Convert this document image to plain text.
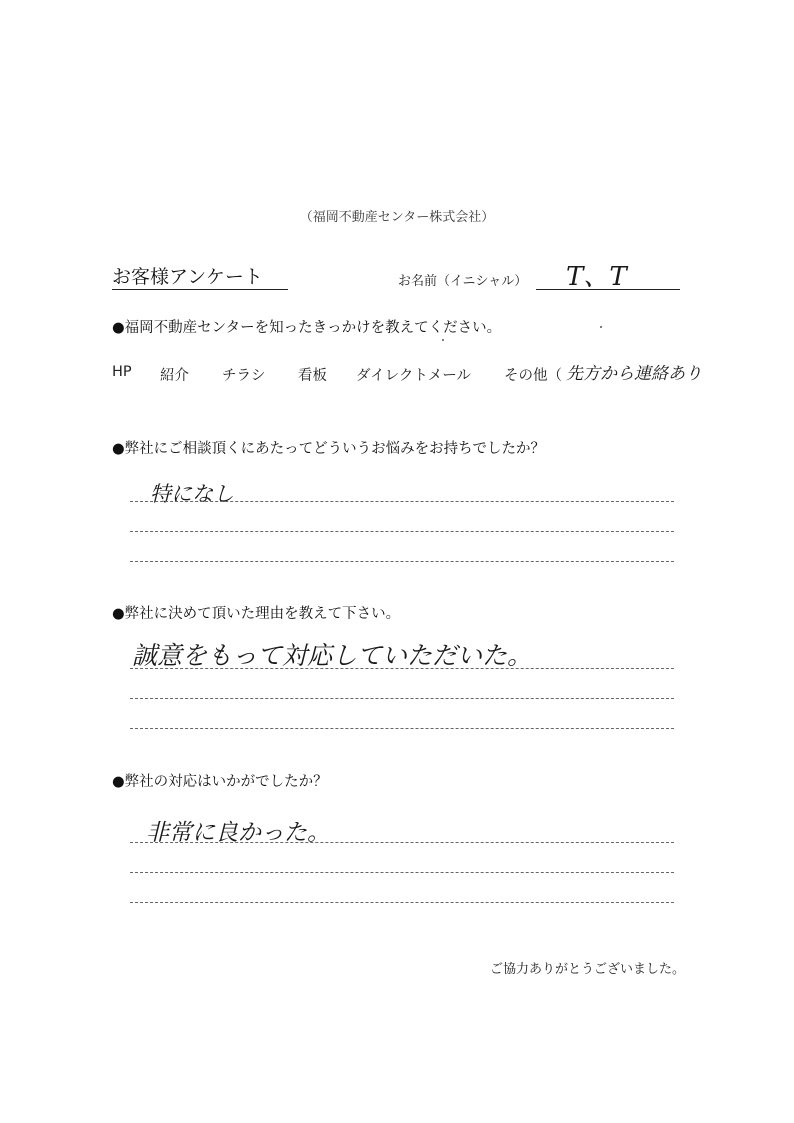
（福岡不動産センター株式会社）
お客様アンケート	お名前（イニシャル） T、T
●福岡不動産センターを知ったきっかけを教えてください。
HP 紹介 チラシ 看板 ダイレクトメール その他（ 先方から連絡あり
●弊社にご相談頂くにあたってどういうお悩みをお持ちでしたか？
特になし
●弊社に決めて頂いた理由を教えて下さい。
誠意をもって対応していただいた。
●弊社の対応はいかがでしたか？
非常に良かった。
ご協力ありがとうございました。
